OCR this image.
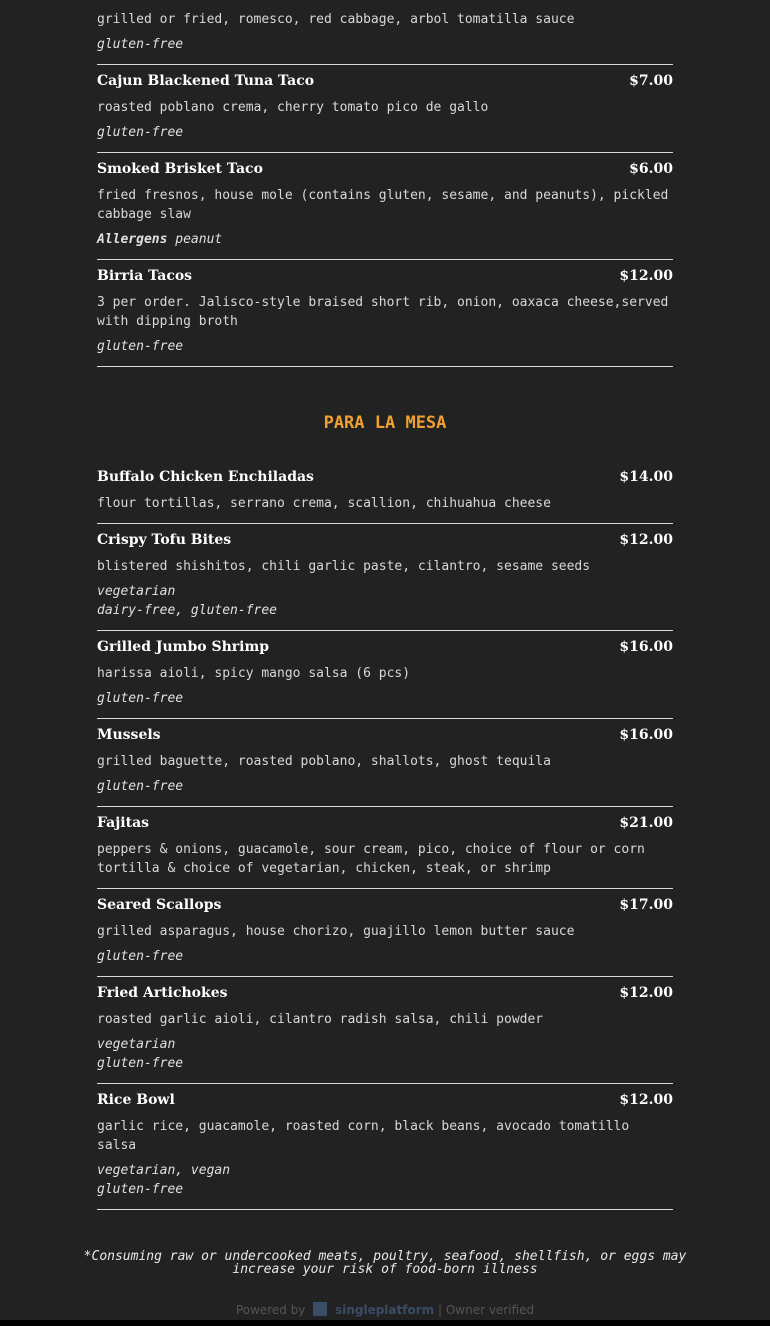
grilled or fried, romesco, red cabbage, arbol tomatilla sauce
gluten-free
Cajun Blackened Tuna Taco	$7.00
roasted poblano crema, cherry tomato pico de gallo
gluten-free
Smoked Brisket Taco	$6.00
fried fresnos, house mole (contains gluten, sesame, and peanuts), pickled cabbage slaw
Allergens peanut
Birria Tacos	$12.00
3 per order. Jalisco-style braised short rib, onion, oaxaca cheese,served with dipping broth
gluten-free
PARA LA MESA
Buffalo Chicken Enchiladas	$14.00
flour tortillas, serrano crema, scallion, chihuahua cheese
Crispy Tofu Bites	$12.00
blistered shishitos, chili garlic paste, cilantro, sesame seeds
vegetarian
dairy-free, gluten-free
Grilled Jumbo Shrimp	$16.00
harissa aioli, spicy mango salsa (6 pcs)
gluten-free
Mussels	$16.00
grilled baguette, roasted poblano, shallots, ghost tequila
gluten-free
Fajitas	$21.00
peppers & onions, guacamole, sour cream, pico, choice of flour or corn tortilla & choice of vegetarian, chicken, steak, or shrimp
Seared Scallops	$17.00
grilled asparagus, house chorizo, guajillo lemon butter sauce
gluten-free
Fried Artichokes	$12.00
roasted garlic aioli, cilantro radish salsa, chili powder
vegetarian
gluten-free
Rice Bowl	$12.00
garlic rice, guacamole, roasted corn, black beans, avocado tomatillo salsa
vegetarian, vegan
gluten-free
*Consuming raw or undercooked meats, poultry, seafood, shellfish, or eggs may increase your risk of food-born illness
Powered by singleplatform | Owner verified
